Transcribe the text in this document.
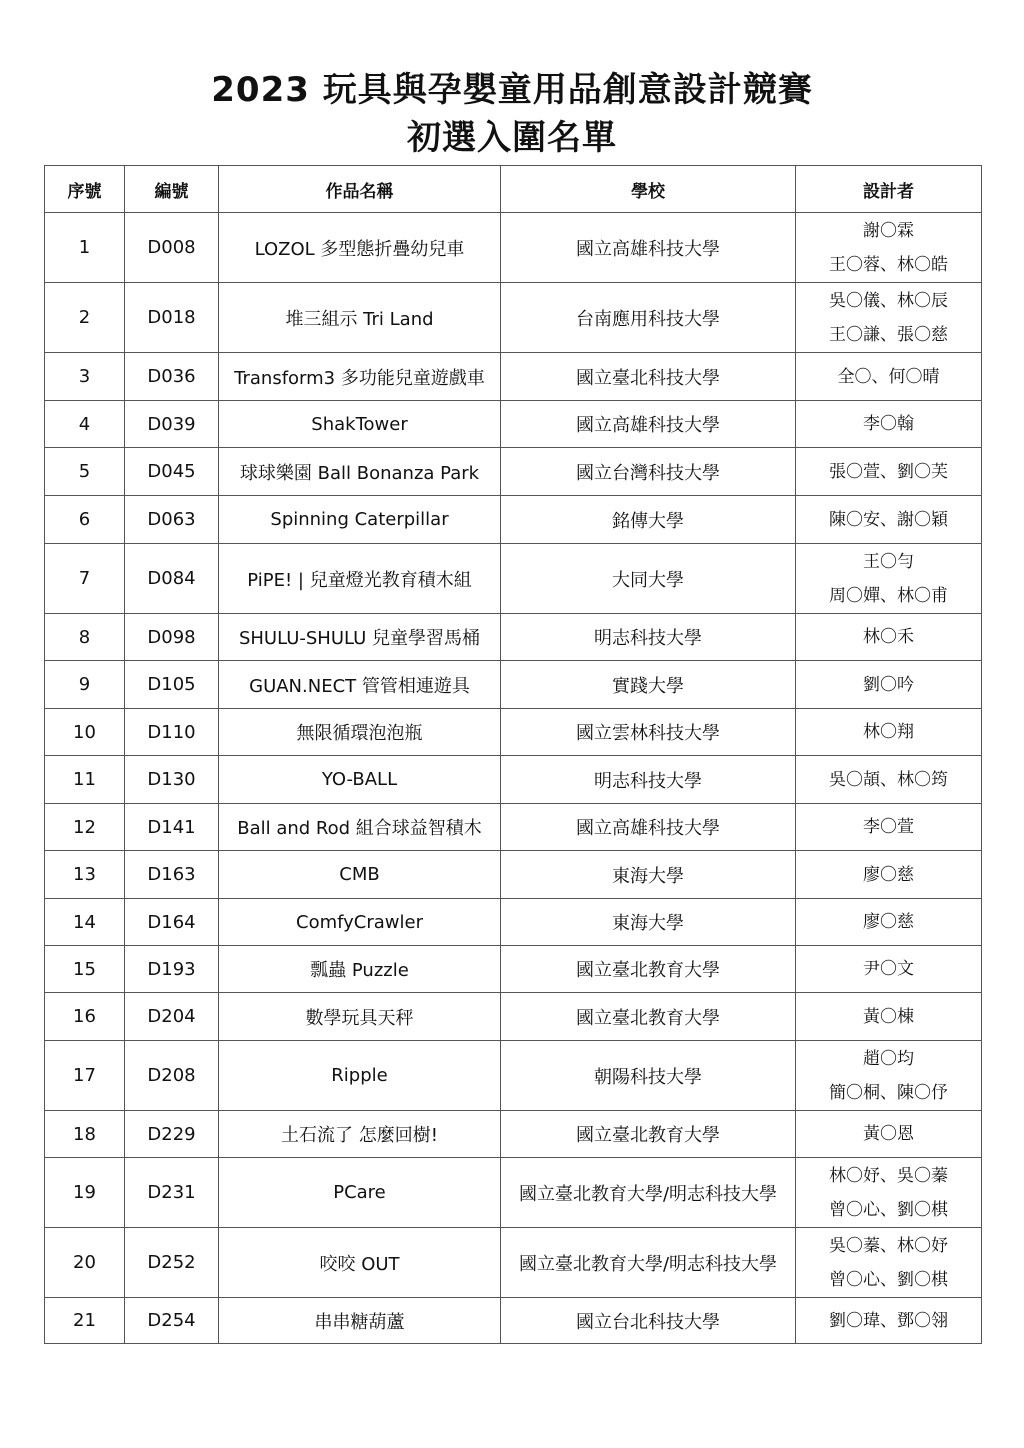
2023 玩具與孕嬰童用品創意設計競賽
初選入圍名單
序號	編號	作品名稱	學校	設計者
1	D008	LOZOL 多型態折疊幼兒車	國立高雄科技大學	謝〇霖
王〇蓉、林〇皓

2	D018	堆三組示 Tri Land	台南應用科技大學	吳〇儀、林〇辰
王〇謙、張〇慈

3	D036	Transform3 多功能兒童遊戲車	國立臺北科技大學	全〇、何〇晴

4	D039	ShakTower	國立高雄科技大學	李〇翰

5	D045	球球樂園 Ball Bonanza Park	國立台灣科技大學	張〇萱、劉〇芙

6	D063	Spinning Caterpillar	銘傳大學	陳〇安、謝〇穎

7	D084	PiPE! | 兒童燈光教育積木組	大同大學	王〇勻
周〇嬋、林〇甫

8	D098	SHULU-SHULU 兒童學習馬桶	明志科技大學	林〇禾

9	D105	GUAN.NECT 管管相連遊具	實踐大學	劉〇吟

10	D110	無限循環泡泡瓶	國立雲林科技大學	林〇翔

11	D130	YO-BALL	明志科技大學	吳〇頡、林〇筠

12	D141	Ball and Rod 組合球益智積木	國立高雄科技大學	李〇萱

13	D163	CMB	東海大學	廖〇慈

14	D164	ComfyCrawler	東海大學	廖〇慈

15	D193	瓢蟲 Puzzle	國立臺北教育大學	尹〇文

16	D204	數學玩具天秤	國立臺北教育大學	黃〇棟

17	D208	Ripple	朝陽科技大學	趙〇均
簡〇桐、陳〇伃

18	D229	土石流了 怎麼回樹!	國立臺北教育大學	黃〇恩

19	D231	PCare	國立臺北教育大學/明志科技大學	林〇妤、吳〇蓁
曾〇心、劉〇棋

20	D252	咬咬 OUT	國立臺北教育大學/明志科技大學	吳〇蓁、林〇妤
曾〇心、劉〇棋

21	D254	串串糖葫蘆	國立台北科技大學	劉〇瑋、鄧〇翎
